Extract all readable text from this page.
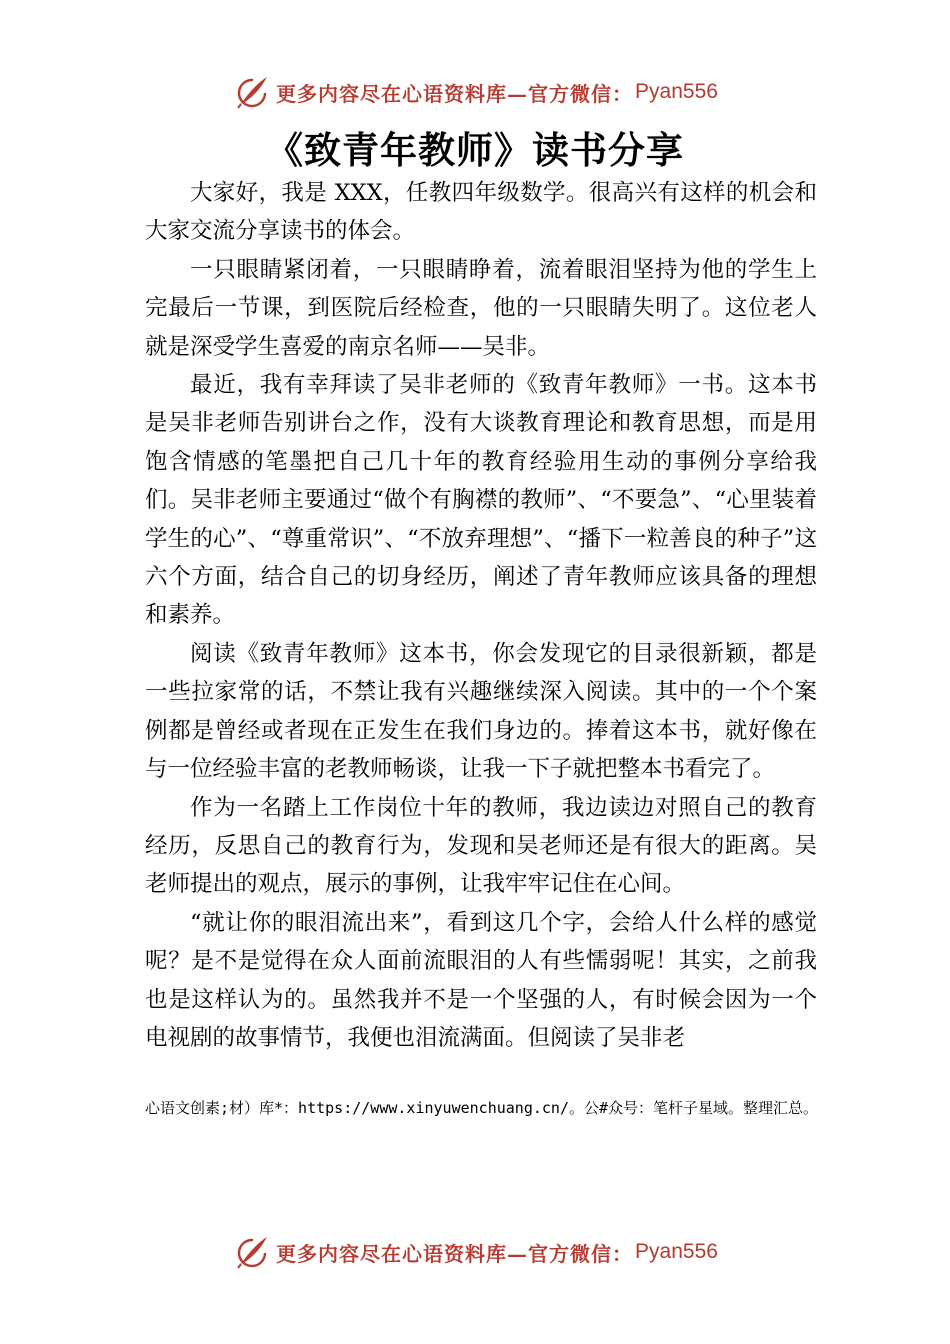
更多内容尽在心语资料库—官方微信： Pyan556
《致青年教师》读书分享

大家好，我是 XXX，任教四年级数学。很高兴有这样的机会和大家交流分享读书的体会。

一只眼睛紧闭着，一只眼睛睁着，流着眼泪坚持为他的学生上完最后一节课，到医院后经检查，他的一只眼睛失明了。这位老人就是深受学生喜爱的南京名师——吴非。

最近，我有幸拜读了吴非老师的《致青年教师》一书。这本书是吴非老师告别讲台之作，没有大谈教育理论和教育思想，而是用饱含情感的笔墨把自己几十年的教育经验用生动的事例分享给我们。吴非老师主要通过“做个有胸襟的教师”、“不要急”、“心里装着学生的心”、“尊重常识”、“不放弃理想”、“播下一粒善良的种子”这六个方面，结合自己的切身经历，阐述了青年教师应该具备的理想和素养。

阅读《致青年教师》这本书，你会发现它的目录很新颖，都是一些拉家常的话，不禁让我有兴趣继续深入阅读。其中的一个个案例都是曾经或者现在正发生在我们身边的。捧着这本书，就好像在与一位经验丰富的老教师畅谈，让我一下子就把整本书看完了。

作为一名踏上工作岗位十年的教师，我边读边对照自己的教育经历，反思自己的教育行为，发现和吴老师还是有很大的距离。吴老师提出的观点，展示的事例，让我牢牢记住在心间。

“就让你的眼泪流出来”，看到这几个字，会给人什么样的感觉呢？是不是觉得在众人面前流眼泪的人有些懦弱呢！其实，之前我也是这样认为的。虽然我并不是一个坚强的人，有时候会因为一个电视剧的故事情节，我便也泪流满面。但阅读了吴非老

心语文创素;材）库*：https://www.xinyuwenchuang.cn/。公#众号：笔杆子星域。整理汇总。
更多内容尽在心语资料库—官方微信： Pyan556
